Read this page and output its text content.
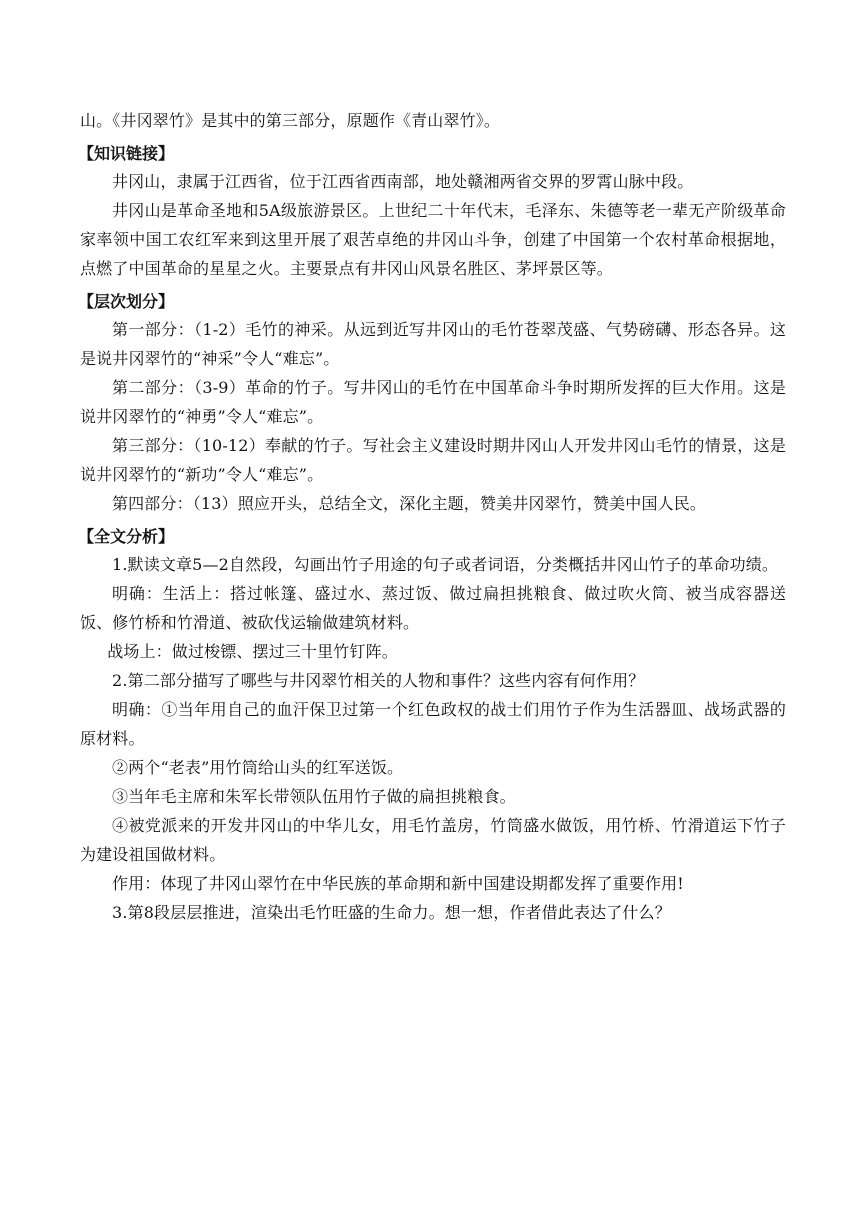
山。《井冈翠竹》是其中的第三部分，原题作《青山翠竹》。

【知识链接】

井冈山，隶属于江西省，位于江西省西南部，地处赣湘两省交界的罗霄山脉中段。

井冈山是革命圣地和5A级旅游景区。上世纪二十年代末，毛泽东、朱德等老一辈无产阶级革命家率领中国工农红军来到这里开展了艰苦卓绝的井冈山斗争，创建了中国第一个农村革命根据地，点燃了中国革命的星星之火。主要景点有井冈山风景名胜区、茅坪景区等。

【层次划分】

第一部分：（1-2）毛竹的神采。从远到近写井冈山的毛竹苍翠茂盛、气势磅礴、形态各异。这是说井冈翠竹的“神采”令人“难忘”。

第二部分：（3-9）革命的竹子。写井冈山的毛竹在中国革命斗争时期所发挥的巨大作用。这是说井冈翠竹的“神勇”令人“难忘”。

第三部分：（10-12）奉献的竹子。写社会主义建设时期井冈山人开发井冈山毛竹的情景，这是说井冈翠竹的“新功”令人“难忘”。

第四部分：（13）照应开头，总结全文，深化主题，赞美井冈翠竹，赞美中国人民。

【全文分析】

1.默读文章5—2自然段，勾画出竹子用途的句子或者词语，分类概括井冈山竹子的革命功绩。

明确：生活上：搭过帐篷、盛过水、蒸过饭、做过扁担挑粮食、做过吹火筒、被当成容器送饭、修竹桥和竹滑道、被砍伐运输做建筑材料。

战场上：做过梭镖、摆过三十里竹钉阵。

2.第二部分描写了哪些与井冈翠竹相关的人物和事件？这些内容有何作用？

明确：①当年用自己的血汗保卫过第一个红色政权的战士们用竹子作为生活器皿、战场武器的原材料。

②两个“老表”用竹筒给山头的红军送饭。

③当年毛主席和朱军长带领队伍用竹子做的扁担挑粮食。

④被党派来的开发井冈山的中华儿女，用毛竹盖房，竹筒盛水做饭，用竹桥、竹滑道运下竹子为建设祖国做材料。

作用：体现了井冈山翠竹在中华民族的革命期和新中国建设期都发挥了重要作用!

3.第8段层层推进，渲染出毛竹旺盛的生命力。想一想，作者借此表达了什么？
